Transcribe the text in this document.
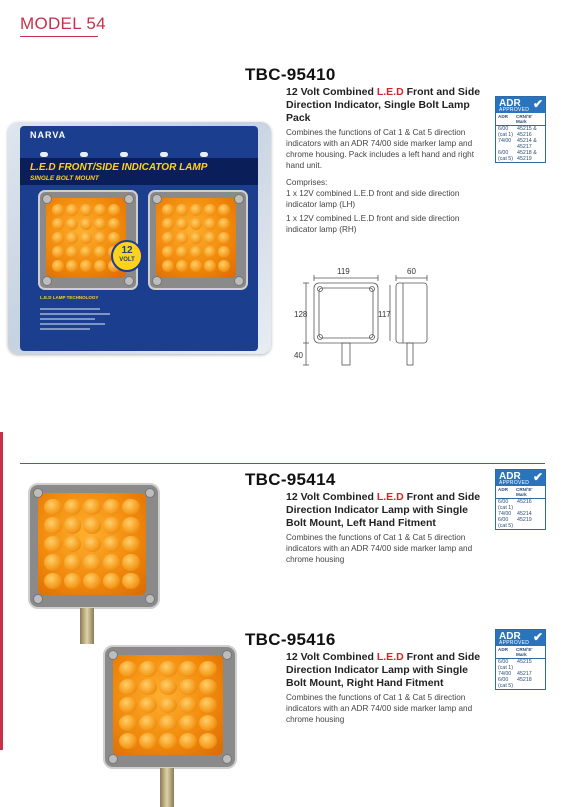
MODEL 54
NARVA
L.E.D FRONT/SIDE INDICATOR LAMP
SINGLE BOLT MOUNT
12
VOLT
L.E.D LAMP TECHNOLOGY
TBC-95410
12 Volt Combined L.E.D Front and Side Direction Indicator, Single Bolt Lamp Pack

Combines the functions of Cat 1 & Cat 5 direction indicators with an ADR 74/00 side marker lamp and chrome housing. Pack includes a left hand and right hand unit.

Comprises:

1 x 12V combined L.E.D front and side direction indicator lamp (LH)

1 x 12V combined L.E.D front and side direction indicator lamp (RH)

ADR
APPROVED ✔
ADR	CRN/'E' Mark
6/00	45215 &
(cat 1) 45216
74/00	45214 &
45217
6/00	45218 &
(cat 5) 45219
119	60
128	117
40
TBC-95414
12 Volt Combined L.E.D Front and Side Direction Indicator Lamp with Single Bolt Mount, Left Hand Fitment

Combines the functions of Cat 1 & Cat 5 direction indicators with an ADR 74/00 side marker lamp and chrome housing

ADR
APPROVED ✔
ADR	CRN/'E' Mark
6/00	45216
(cat 1)
74/00	45214
6/00	45219
(cat 5)
TBC-95416
12 Volt Combined L.E.D Front and Side Direction Indicator Lamp with Single Bolt Mount, Right Hand Fitment

Combines the functions of Cat 1 & Cat 5 direction indicators with an ADR 74/00 side marker lamp and chrome housing

ADR
APPROVED ✔
ADR	CRN/'E' Mark
6/00	45215
(cat 1)
74/00	45217
6/00	45218
(cat 5)
